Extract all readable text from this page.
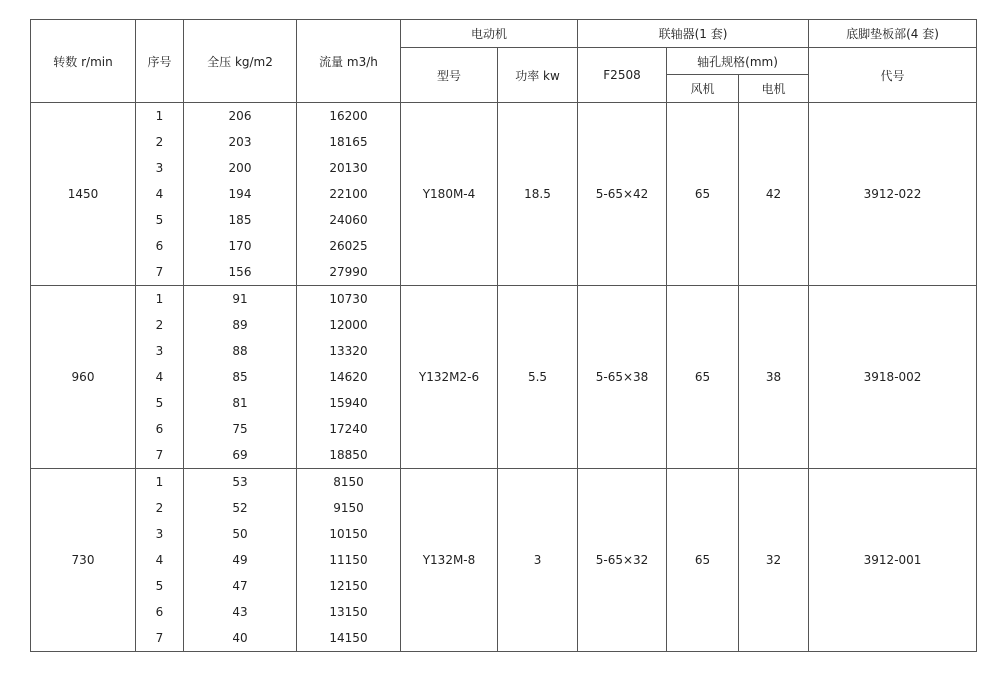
转数 r/min	序号	全压 kg/m2	流量 m3/h	电动机		联轴器(1 套)			底脚垫板部(4 套)
				型号	功率 kw	F2508	轴孔规格(mm)		代号
							风机	电机	
1450	1	206	16200	Y180M-4	18.5	5-65×42	65	42	3912-022
	2	203	18165						
	3	200	20130						
	4	194	22100						
	5	185	24060						
	6	170	26025						
	7	156	27990						
960	1	91	10730	Y132M2-6	5.5	5-65×38	65	38	3918-002
	2	89	12000						
	3	88	13320						
	4	85	14620						
	5	81	15940						
	6	75	17240						
	7	69	18850						
730	1	53	8150	Y132M-8	3	5-65×32	65	32	3912-001
	2	52	9150						
	3	50	10150						
	4	49	11150						
	5	47	12150						
	6	43	13150						
	7	40	14150						
